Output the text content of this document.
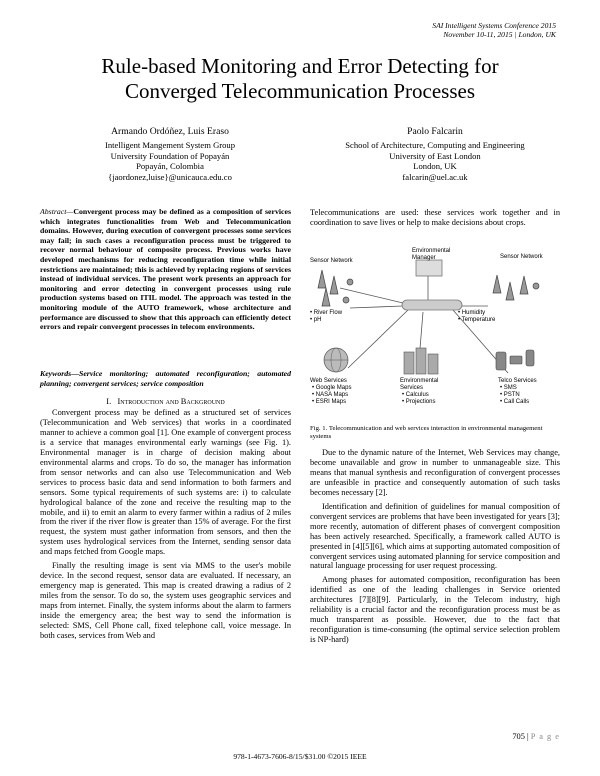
SAI Intelligent Systems Conference 2015
November 10-11, 2015 | London, UK
Rule-based Monitoring and Error Detecting for
Converged Telecommunication Processes
Armando Ordóñez, Luis Eraso
Intelligent Mangement System Group
University Foundation of Popayán
Popayán, Colombia
{jaordonez,luise}@unicauca.edu.co
Paolo Falcarin
School of Architecture, Computing and Engineering
University of East London
London, UK
falcarin@uel.ac.uk
Abstract—Convergent process may be defined as a composition of services which integrates functionalities from Web and Telecommunication domains. However, during execution of convergent processes some services may fail; in such cases a reconfiguration process must be triggered to recover normal behaviour of composite process. Previous works have developed mechanisms for reducing reconfiguration time while initial restrictions are maintained; this is achieved by replacing regions of services instead of individual services. The present work presents an approach for monitoring and error detecting in convergent processes using rule production systems based on ITIL model. The approach was tested in the monitoring module of the AUTO framework, whose architecture and performance are discussed to show that this approach can efficiently detect errors and repair convergent processes in telecom environments.
Keywords—Service monitoring; automated reconfiguration; automated planning; convergent services; service composition
I. Introduction and Background

Convergent process may be defined as a structured set of services (Telecommunication and Web services) that works in a coordinated manner to achieve a common goal [1]. One example of convergent process is a service that manages environmental early warnings (see Fig. 1). Environmental manager is in charge of decision making about environmental alarms and crops. To do so, the manager has information from sensor networks and can also use Telecommunication and Web services to process basic data and send information to both farmers and sensors. Some typical requirements of such systems are: i) to calculate hydrological balance of the zone and receive the resulting map to the mobile, and ii) to emit an alarm to every farmer within a radius of 2 miles from the river if the river flow is greater than 15% of average. For the first request, the system must gather information from sensors, and then the system uses hydrological services from the Internet, sending sensor data and maps fetched from Google maps.

Finally the resulting image is sent via MMS to the user's mobile device. In the second request, sensor data are evaluated. If necessary, an emergency map is generated. This map is created drawing a radius of 2 miles from the sensor. To do so, the system uses geographic services and maps from internet. Finally, the system informs about the alarm to farmers inside the emergency area; the best way to send the information is selected: SMS, Cell Phone call, fixed telephone call, voice message. In both cases, services from Web and

Telecommunications are used: these services work together and in coordination to save lives or help to make decisions about crops.

Sensor Network
Environmental Manager	Sensor Network
• River Flow
• pH
• Humidity
• Temperature
Web Services
• Google Maps
• NASA Maps
• ESRI Maps
Environmental Services
• Calculus
• Projections
Telco Services
• SMS
• PSTN
• Call Calls
Fig. 1. Telecommunication and web services interaction in environmental management systems

Due to the dynamic nature of the Internet, Web Services may change, become unavailable and grow in number to unmanageable size. This means that manual synthesis and reconfiguration of convergent processes are unfeasible in practice and consequently automation of such tasks becomes necessary [2].

Identification and definition of guidelines for manual composition of convergent services are problems that have been investigated for years [3]; more recently, automation of different phases of convergent composition has been actively researched. Specifically, a framework called AUTO is presented in [4][5][6], which aims at supporting automated composition of convergent services using automated planning for service composition and natural language processing for user request processing.

Among phases for automated composition, reconfiguration has been identified as one of the leading challenges in Service oriented architectures [7][8][9]. Particularly, in the Telecom industry, high reliability is a crucial factor and the reconfiguration process must be as much transparent as possible. However, due to the fact that reconfiguration is time-consuming (the optimal service selection problem is NP-hard)

705 | P a g e
978-1-4673-7606-8/15/$31.00 ©2015 IEEE
